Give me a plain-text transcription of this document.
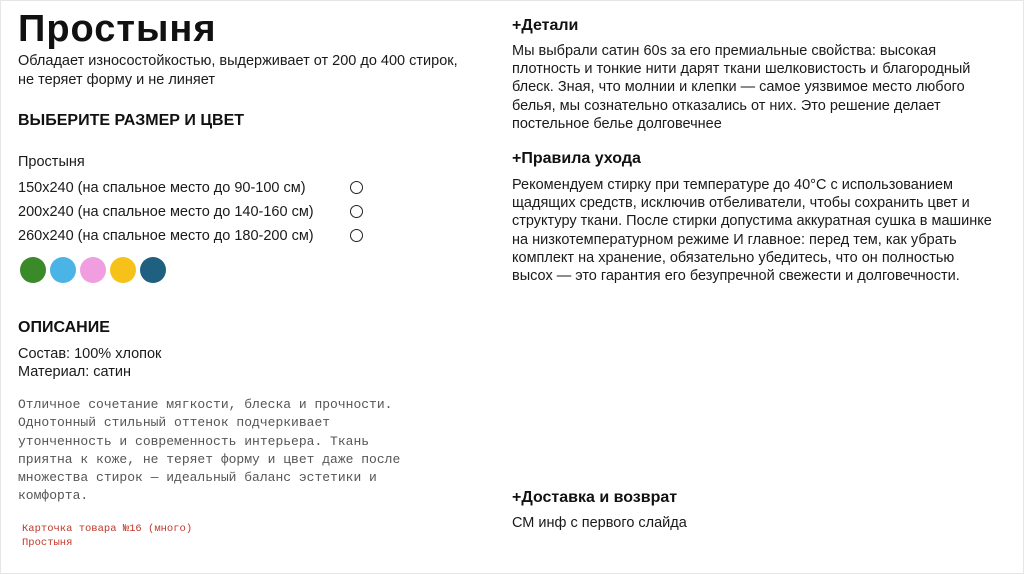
Простыня
Обладает износостойкостью, выдерживает от 200 до 400 стирок, не теряет форму и не линяет
ВЫБЕРИТЕ РАЗМЕР И ЦВЕТ
Простыня
150х240 (на спальное место до 90-100 см)
200х240 (на спальное место до 140-160 см)
260х240 (на спальное место до 180-200 см)
ОПИСАНИЕ
Состав: 100% хлопок
Материал: сатин
Отличное сочетание мягкости, блеска и прочности.
Однотонный стильный оттенок подчеркивает
утонченность и современность интерьера. Ткань
приятна к коже, не теряет форму и цвет даже после
множества стирок — идеальный баланс эстетики и
комфорта.
Карточка товара №16 (много)
Простыня
+Детали
Мы выбрали сатин 60s за его премиальные свойства: высокая плотность и тонкие нити дарят ткани шелковистость и благородный блеск. Зная, что молнии и клепки — самое уязвимое место любого белья, мы сознательно отказались от них. Это решение делает постельное белье долговечнее
+Правила ухода
Рекомендуем стирку при температуре до 40°С с использованием щадящих средств, исключив отбеливатели, чтобы сохранить цвет и структуру ткани. После стирки допустима аккуратная сушка в машинке на низкотемпературном режиме И главное: перед тем, как убрать комплект на хранение, обязательно убедитесь, что он полностью высох — это гарантия его безупречной свежести и долговечности.
+Доставка и возврат
СМ инф с первого слайда
